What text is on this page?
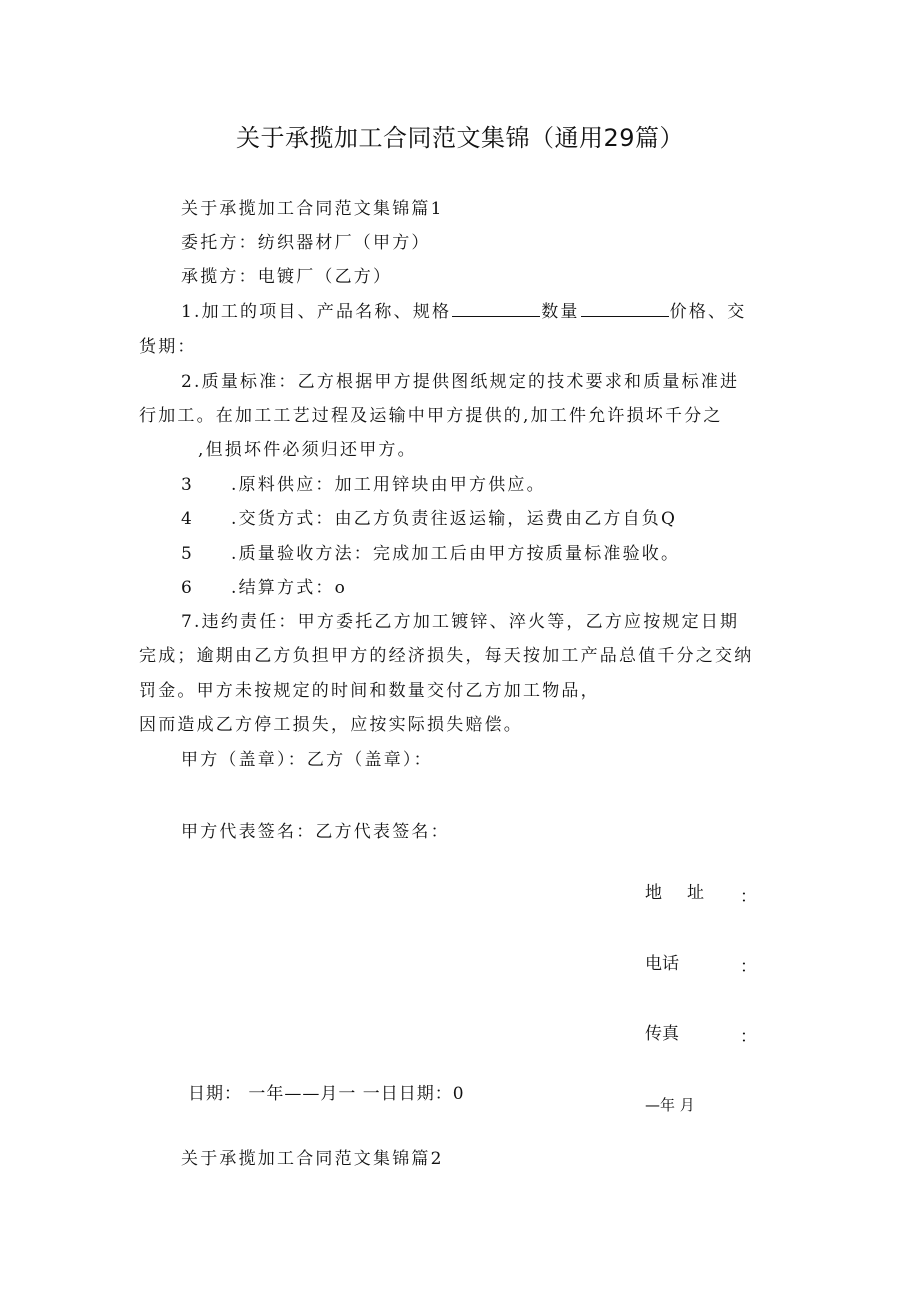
关于承揽加工合同范文集锦（通用29篇）
关于承揽加工合同范文集锦篇1
委托方：纺织器材厂（甲方）
承揽方：电镀厂（乙方）
1.加工的项目、产品名称、规格	数量	价格、交
货期：
2.质量标准：乙方根据甲方提供图纸规定的技术要求和质量标准进
行加工。在加工工艺过程及运输中甲方提供的,加工件允许损坏千分之
,但损坏件必须归还甲方。
3 .原料供应：加工用锌块由甲方供应。
4 .交货方式：由乙方负责往返运输，运费由乙方自负Q
5 .质量验收方法：完成加工后由甲方按质量标准验收。
6 .结算方式：o
7.违约责任：甲方委托乙方加工镀锌、淬火等，乙方应按规定日期
完成；逾期由乙方负担甲方的经济损失，每天按加工产品总值千分之交纳
罚金。甲方未按规定的时间和数量交付乙方加工物品，
因而造成乙方停工损失，应按实际损失赔偿。
甲方（盖章）：乙方（盖章）：
甲方代表签名：乙方代表签名：
地　址 ：
电话	：
传真	：
日期： 一年——月一 一日日期：0
—年 月
关于承揽加工合同范文集锦篇2
